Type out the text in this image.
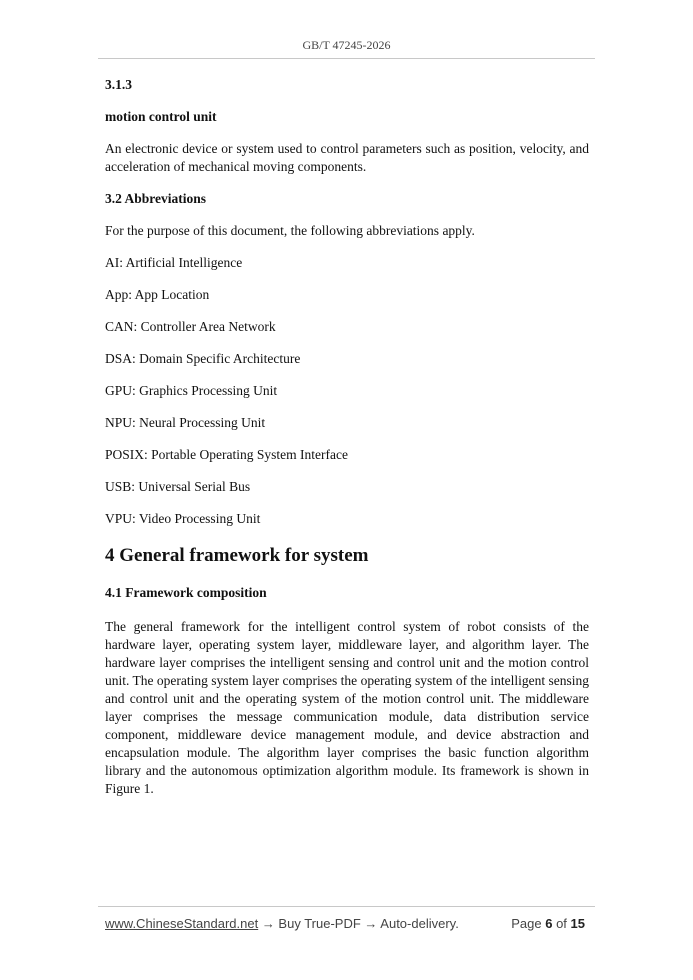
GB/T 47245-2026

3.1.3

motion control unit

An electronic device or system used to control parameters such as position, velocity, and acceleration of mechanical moving components.

3.2 Abbreviations

For the purpose of this document, the following abbreviations apply.

AI: Artificial Intelligence
App: App Location
CAN: Controller Area Network
DSA: Domain Specific Architecture
GPU: Graphics Processing Unit
NPU: Neural Processing Unit
POSIX: Portable Operating System Interface
USB: Universal Serial Bus
VPU: Video Processing Unit
4 General framework for system

4.1 Framework composition

The general framework for the intelligent control system of robot consists of the hardware layer, operating system layer, middleware layer, and algorithm layer. The hardware layer comprises the intelligent sensing and control unit and the motion control unit. The operating system layer comprises the operating system of the intelligent sensing and control unit and the operating system of the motion control unit. The middleware layer comprises the message communication module, data distribution service component, middleware device management module, and device abstraction and encapsulation module. The algorithm layer comprises the basic function algorithm library and the autonomous optimization algorithm module. Its framework is shown in Figure 1.

www.ChineseStandard.net → Buy True-PDF → Auto-delivery.	Page 6 of 15
